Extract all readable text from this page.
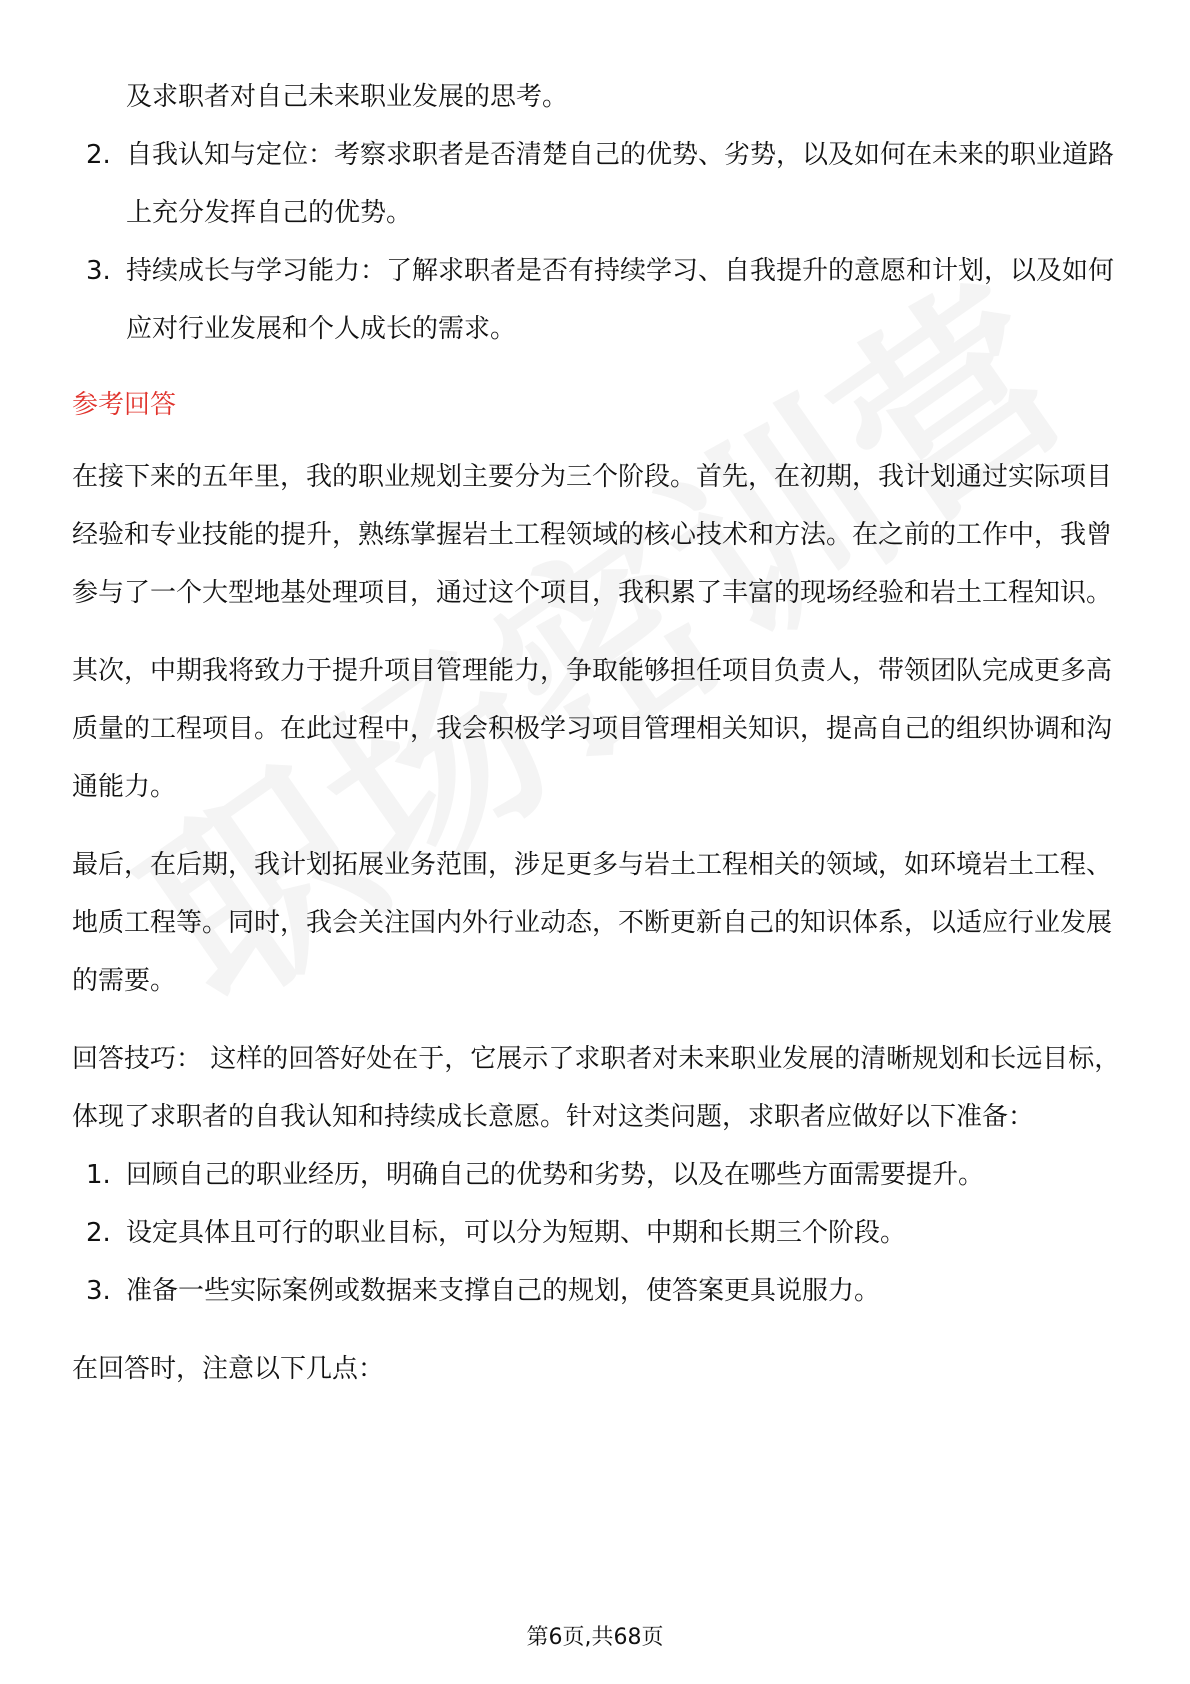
及求职者对自己未来职业发展的思考。
2. 自我认知与定位：考察求职者是否清楚自己的优势、劣势，以及如何在未来的职业道路上充分发挥自己的优势。
3. 持续成长与学习能力：了解求职者是否有持续学习、自我提升的意愿和计划，以及如何应对行业发展和个人成长的需求。
参考回答

在接下来的五年里，我的职业规划主要分为三个阶段。首先，在初期，我计划通过实际项目经验和专业技能的提升，熟练掌握岩土工程领域的核心技术和方法。在之前的工作中，我曾参与了一个大型地基处理项目，通过这个项目，我积累了丰富的现场经验和岩土工程知识。

其次，中期我将致力于提升项目管理能力，争取能够担任项目负责人，带领团队完成更多高质量的工程项目。在此过程中，我会积极学习项目管理相关知识，提高自己的组织协调和沟通能力。

最后，在后期，我计划拓展业务范围，涉足更多与岩土工程相关的领域，如环境岩土工程、地质工程等。同时，我会关注国内外行业动态，不断更新自己的知识体系，以适应行业发展的需要。

回答技巧： 这样的回答好处在于，它展示了求职者对未来职业发展的清晰规划和长远目标，体现了求职者的自我认知和持续成长意愿。针对这类问题，求职者应做好以下准备：

1. 回顾自己的职业经历，明确自己的优势和劣势，以及在哪些方面需要提升。
2. 设定具体且可行的职业目标，可以分为短期、中期和长期三个阶段。
3. 准备一些实际案例或数据来支撑自己的规划，使答案更具说服力。

在回答时，注意以下几点：

第6页,共68页
